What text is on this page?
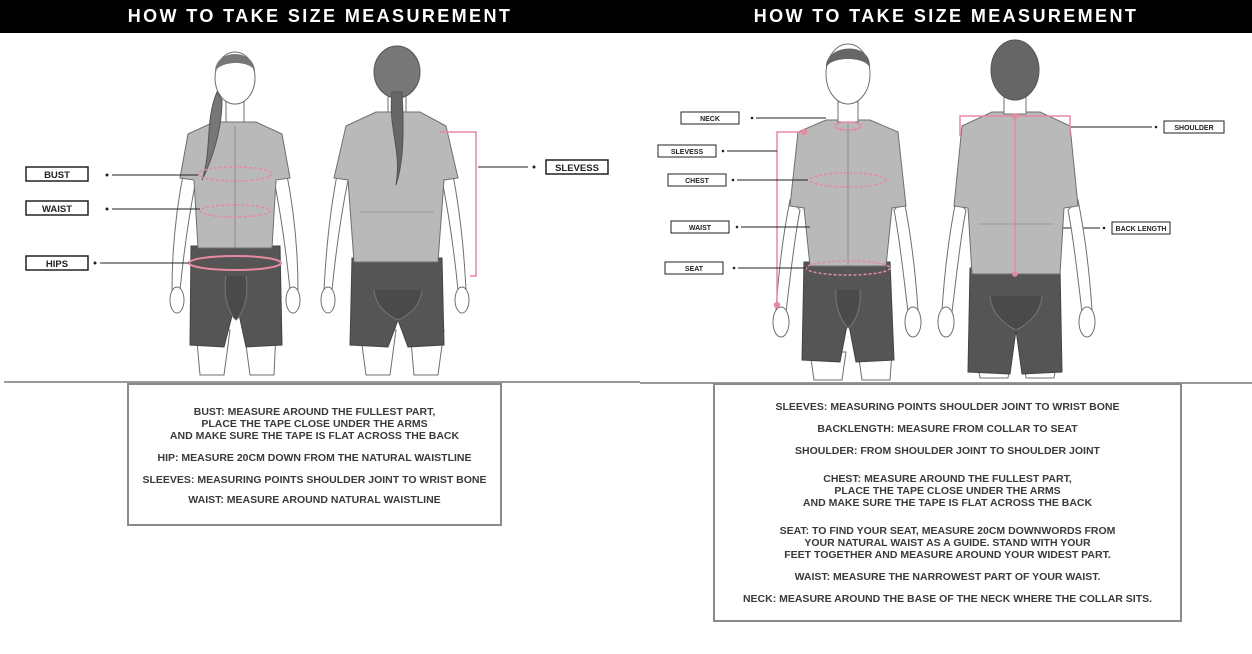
HOW TO TAKE SIZE MEASUREMENT	HOW TO TAKE SIZE MEASUREMENT
BUST
WAIST
HIPS
SLEVESS
NECK
SLEVESS
CHEST
WAIST
SEAT
SHOULDER
BACK LENGTH

BUST: MEASURE AROUND THE FULLEST PART,
PLACE THE TAPE CLOSE UNDER THE ARMS
AND MAKE SURE THE TAPE IS FLAT ACROSS THE BACK

HIP: MEASURE 20CM DOWN FROM THE NATURAL WAISTLINE

SLEEVES: MEASURING POINTS SHOULDER JOINT TO WRIST BONE

WAIST: MEASURE AROUND NATURAL WAISTLINE

SLEEVES: MEASURING POINTS SHOULDER JOINT TO WRIST BONE

BACKLENGTH: MEASURE FROM COLLAR TO SEAT

SHOULDER: FROM SHOULDER JOINT TO SHOULDER JOINT

CHEST: MEASURE AROUND THE FULLEST PART,
PLACE THE TAPE CLOSE UNDER THE ARMS
AND MAKE SURE THE TAPE IS FLAT ACROSS THE BACK

SEAT: TO FIND YOUR SEAT, MEASURE 20CM DOWNWORDS FROM
YOUR NATURAL WAIST AS A GUIDE. STAND WITH YOUR
FEET TOGETHER AND MEASURE AROUND YOUR WIDEST PART.

WAIST: MEASURE THE NARROWEST PART OF YOUR WAIST.

NECK: MEASURE AROUND THE BASE OF THE NECK WHERE THE COLLAR SITS.
